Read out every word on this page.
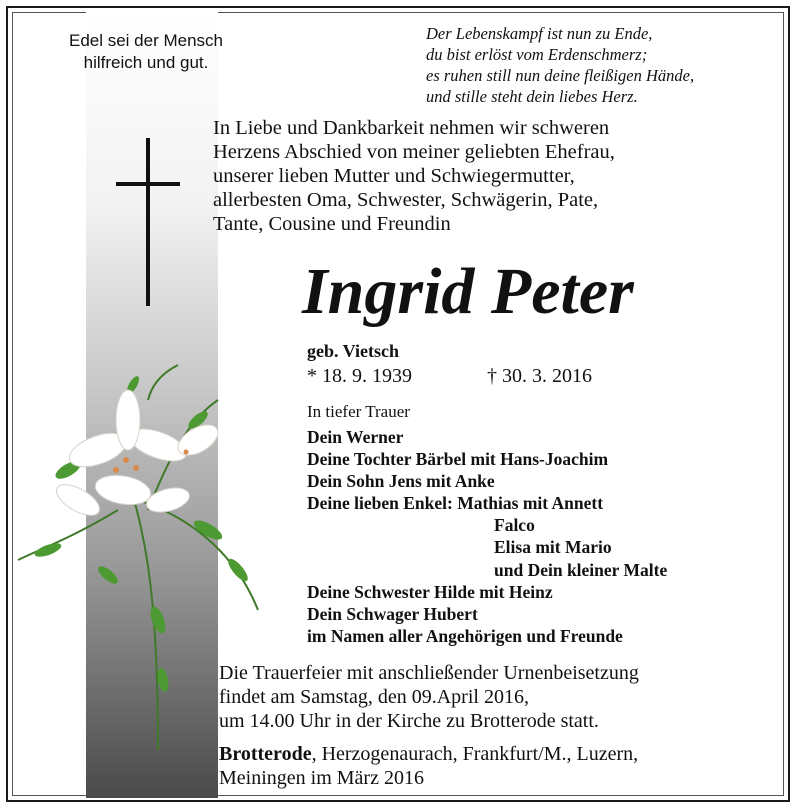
Edel sei der Mensch
hilfreich und gut.
Der Lebenskampf ist nun zu Ende,
du bist erlöst vom Erdenschmerz;
es ruhen still nun deine fleißigen Hände,
und stille steht dein liebes Herz.
In Liebe und Dankbarkeit nehmen wir schweren
Herzens Abschied von meiner geliebten Ehefrau,
unserer lieben Mutter und Schwiegermutter,
allerbesten Oma, Schwester, Schwägerin, Pate,
Tante, Cousine und Freundin
Ingrid Peter
geb. Vietsch
* 18. 9. 1939	† 30. 3. 2016
In tiefer Trauer
Dein Werner
Deine Tochter Bärbel mit Hans-Joachim
Dein Sohn Jens mit Anke
Deine lieben Enkel: Mathias mit Annett
Falco
Elisa mit Mario
und Dein kleiner Malte
Deine Schwester Hilde mit Heinz
Dein Schwager Hubert
im Namen aller Angehörigen und Freunde
Die Trauerfeier mit anschließender Urnenbeisetzung
findet am Samstag, den 09.April 2016,
um 14.00 Uhr in der Kirche zu Brotterode statt.
Brotterode, Herzogenaurach, Frankfurt/M., Luzern,
Meiningen im März 2016
